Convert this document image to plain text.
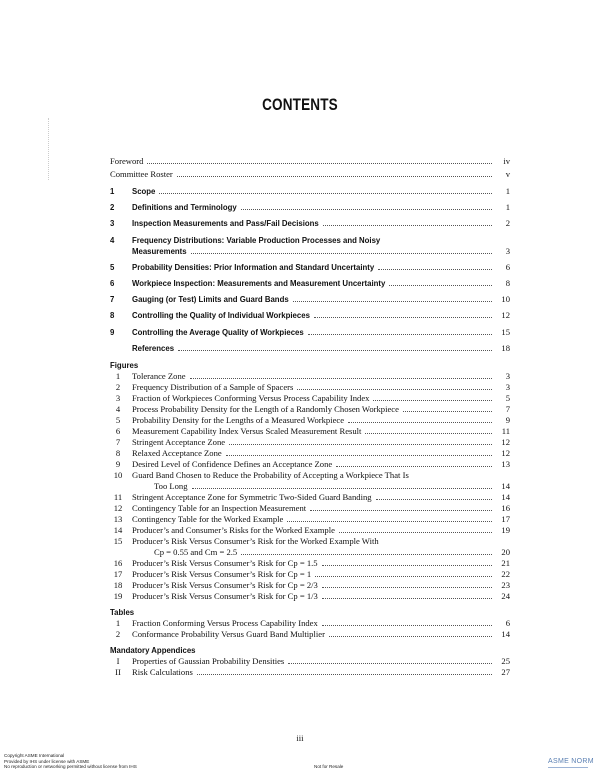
CONTENTS
Foreword	iv
Committee Roster	v
1	Scope	1
2	Definitions and Terminology	1
3	Inspection Measurements and Pass/Fail Decisions	2
4	Frequency Distributions: Variable Production Processes and Noisy
Measurements	3
5	Probability Densities: Prior Information and Standard Uncertainty	6
6	Workpiece Inspection: Measurements and Measurement Uncertainty	8
7	Gauging (or Test) Limits and Guard Bands	10
8	Controlling the Quality of Individual Workpieces	12
9	Controlling the Average Quality of Workpieces	15
References	18
Figures
1	Tolerance Zone	3
2	Frequency Distribution of a Sample of Spacers	3
3	Fraction of Workpieces Conforming Versus Process Capability Index	5
4	Process Probability Density for the Length of a Randomly Chosen Workpiece	7
5	Probability Density for the Lengths of a Measured Workpiece	9
6	Measurement Capability Index Versus Scaled Measurement Result	11
7	Stringent Acceptance Zone	12
8	Relaxed Acceptance Zone	12
9	Desired Level of Confidence Defines an Acceptance Zone	13
10	Guard Band Chosen to Reduce the Probability of Accepting a Workpiece That Is
Too Long	14
11	Stringent Acceptance Zone for Symmetric Two-Sided Guard Banding	14
12	Contingency Table for an Inspection Measurement	16
13	Contingency Table for the Worked Example	17
14	Producer’s and Consumer’s Risks for the Worked Example	19
15	Producer’s Risk Versus Consumer’s Risk for the Worked Example With
Cp = 0.55 and Cm = 2.5	20
16	Producer’s Risk Versus Consumer’s Risk for Cp = 1.5	21
17	Producer’s Risk Versus Consumer’s Risk for Cp = 1	22
18	Producer’s Risk Versus Consumer’s Risk for Cp = 2/3	23
19	Producer’s Risk Versus Consumer’s Risk for Cp = 1/3	24
Tables
1	Fraction Conforming Versus Process Capability Index	6
2	Conformance Probability Versus Guard Band Multiplier	14
Mandatory Appendices
I	Properties of Gaussian Probability Densities	25
II	Risk Calculations	27
iii
Copyright ASME International
Provided by IHS under license with ASME
No reproduction or networking permitted without license from IHS	Not for Resale
ASME NORM
